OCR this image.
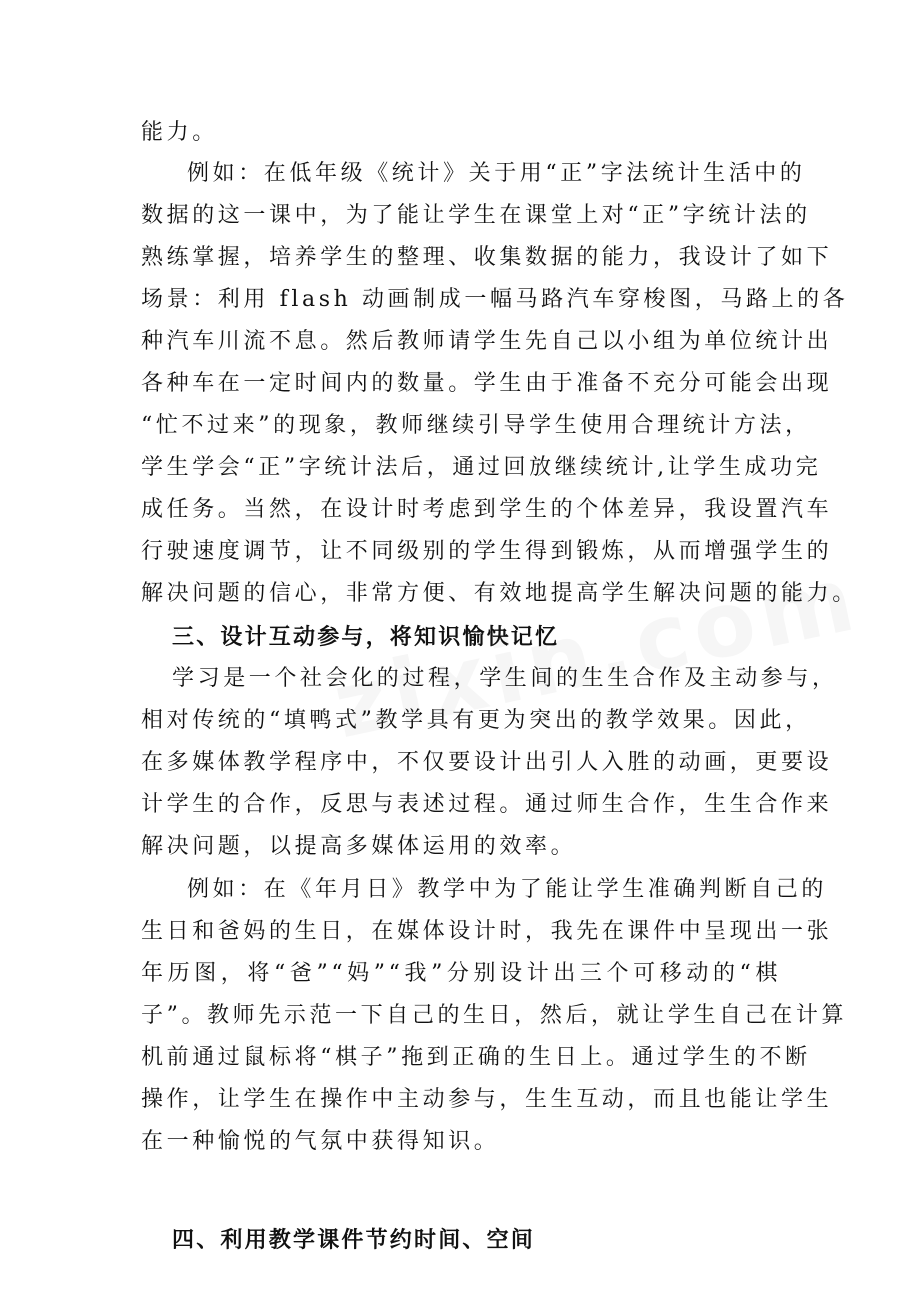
能力。
例如：在低年级《统计》关于用“正”字法统计生活中的
数据的这一课中，为了能让学生在课堂上对“正”字统计法的
熟练掌握，培养学生的整理、收集数据的能力，我设计了如下
场景：利用 flash 动画制成一幅马路汽车穿梭图，马路上的各
种汽车川流不息。然后教师请学生先自己以小组为单位统计出
各种车在一定时间内的数量。学生由于准备不充分可能会出现
“忙不过来”的现象，教师继续引导学生使用合理统计方法，
学生学会“正”字统计法后，通过回放继续统计,让学生成功完
成任务。当然，在设计时考虑到学生的个体差异，我设置汽车
行驶速度调节，让不同级别的学生得到锻炼，从而增强学生的
解决问题的信心，非常方便、有效地提高学生解决问题的能力。
三、设计互动参与，将知识愉快记忆
学习是一个社会化的过程，学生间的生生合作及主动参与，
相对传统的“填鸭式”教学具有更为突出的教学效果。因此，
在多媒体教学程序中，不仅要设计出引人入胜的动画，更要设
计学生的合作，反思与表述过程。通过师生合作，生生合作来
解决问题，以提高多媒体运用的效率。
例如：在《年月日》教学中为了能让学生准确判断自己的
生日和爸妈的生日，在媒体设计时，我先在课件中呈现出一张
年历图，将“爸”“妈”“我”分别设计出三个可移动的“棋
子”。教师先示范一下自己的生日，然后，就让学生自己在计算
机前通过鼠标将“棋子”拖到正确的生日上。通过学生的不断
操作，让学生在操作中主动参与，生生互动，而且也能让学生
在一种愉悦的气氛中获得知识。
四、利用教学课件节约时间、空间
